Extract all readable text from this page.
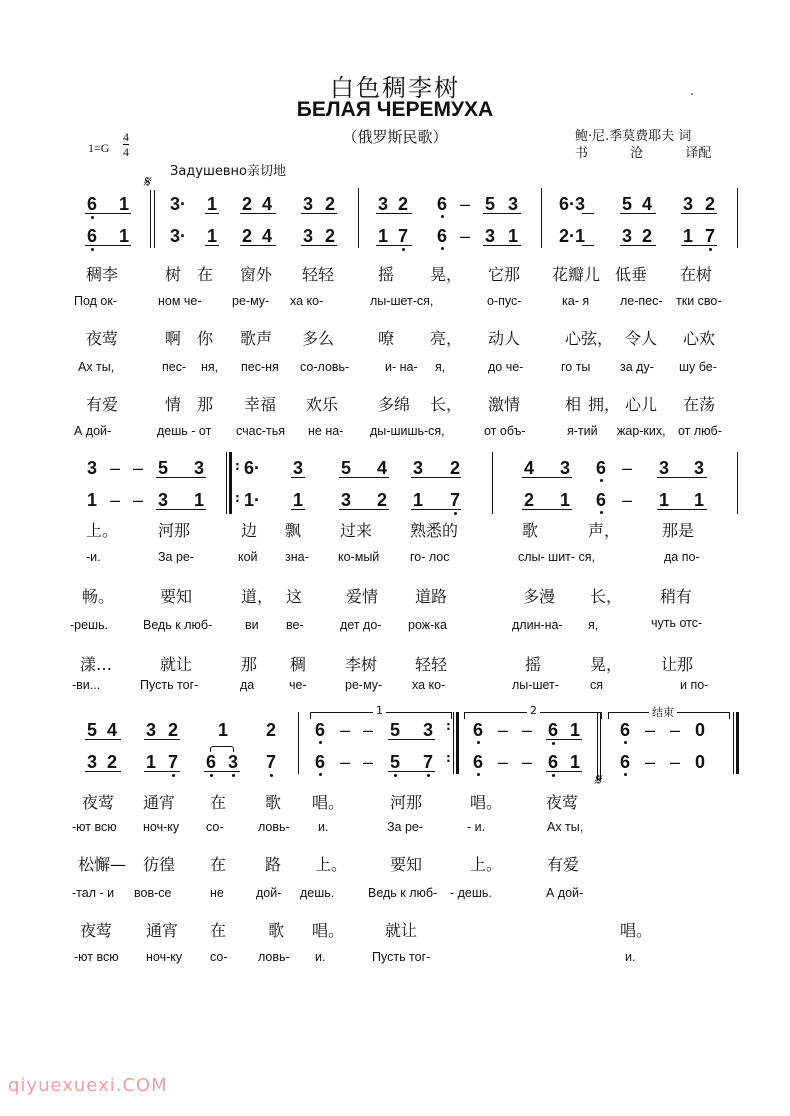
白色稠李树
БЕЛАЯ ЧЕРЕМУХА
（俄罗斯民歌）
.
1=G
4
4
Задушевно亲切地
鲍·尼.季莫费耶夫 词
书	沧	译配
𝄋
6 1 3· 1 2 4 3 2 3 2 6 – 5 3 6·3 5 4 3 2
6 1 3· 1 2 4 3 2 1 7 6 – 3 1 2·1 3 2 1 7
稠李	树 在 窗外 轻轻	摇 晃， 它那 花瓣儿 低垂 在树
Под ок-	ном че- ре-му- ха ко-	лы-шет-ся,	о-пус-	ка- я ле-пес- тки сво-
夜莺	啊 你 歌声 多么	嘹 亮， 动人	心弦， 令人 心欢
Ах ты,	пес- ня, пес-ня со-ловь-	и- на- я,	до че-	го ты за ду- шу бе-
有爱	情 那 幸福 欢乐 多绵 长， 激情	相 拥， 心儿 在荡
А дой-	дешь - от счас-тья не на- ды-шишь-ся,	от объ-	я-тий жар-ких, от люб-
:
:
3 – – 5 3 6· 3 5 4 3 2	4 3 6 – 3 3
1 – – 3 1 1· 1 3 2 1 7	2 1 6 – 1 1
上。 河那	边 飘 过来 熟悉的	歌	声，	那是
-и.	За ре-	кой зна- ко-мый го- лос	слы- шит- ся,	да по-
畅。	要知	道， 这	爱情 道路	多漫 长， 稍有
-решь.	Ведь к люб-	ви ве-	дет до- рож-ка	длин-на- я,	чуть отс-
漾…	就让	那 稠 李树 轻轻	摇	晃， 让那
-ви...	Пусть тог-	да	че-	ре-му- ха ко-	лы-шет- ся	и по-
1	2	结束
:
:
𝄋
5 4 3 2 1 2 6 – – 5 3 6 – – 6 1 6 – – 0
3 2 1 7 6 3 7 6 – – 5 7 6 – – 6 1 6 – – 0
夜莺 通宵 在 歌 唱。	河那	唱。	夜莺
-ют всю ноч-ку со-	ловь- и.	За ре-	- и.	Ах ты,
松懈— 彷徨 在 路 上。	要知	上。	有爱
-тал - и вов-се	не	дой- дешь.	Ведь к люб- - дешь.	А дой-
夜莺 通宵 在	歌 唱。	就让	唱。
-ют всю ноч-ку со- ловь- и.	Пусть тог-	и.
qiyuexuexi.COM
